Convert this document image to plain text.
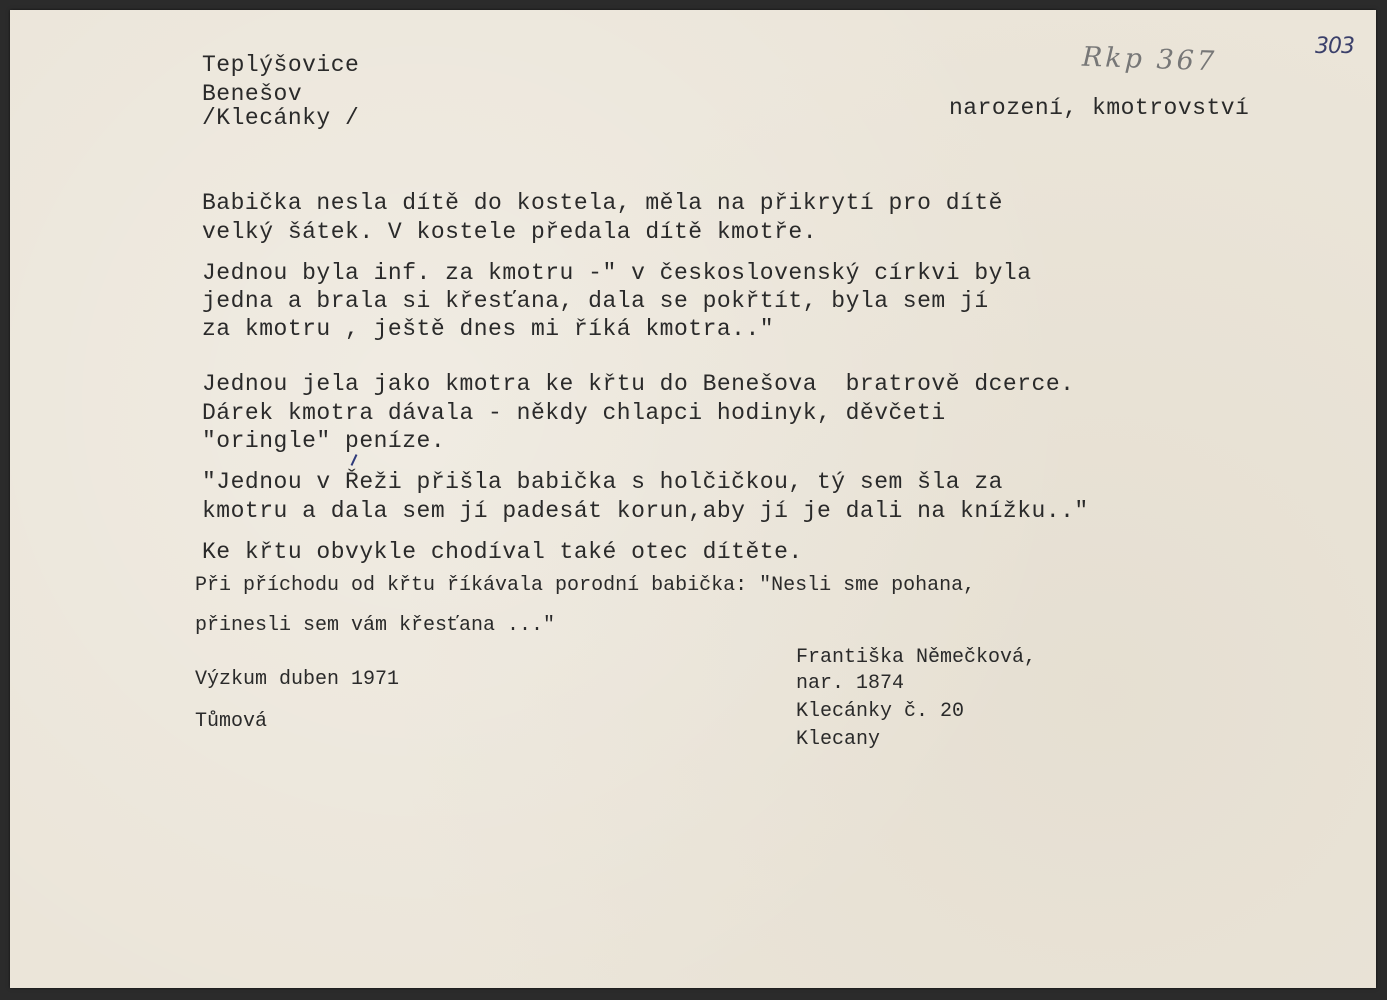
Rkp 367	303
Teplýšovice
Benešov
/Klecánky /	narození, kmotrovství
Babička nesla dítě do kostela, měla na přikrytí pro dítě
velký šátek. V kostele předala dítě kmotře.
Jednou byla inf. za kmotru -" v československý církvi byla
jedna a brala si křesťana, dala se pokřtít, byla sem jí
za kmotru , ještě dnes mi říká kmotra.."
Jednou jela jako kmotra ke křtu do Benešova  bratrově dcerce.
Dárek kmotra dávala - někdy chlapci hodinyk, děvčeti
"oringle" peníze.
"Jednou v Řeži přišla babička s holčičkou, tý sem šla za
kmotru a dala sem jí padesát korun,aby jí je dali na knížku.."
Ke křtu obvykle chodíval také otec dítěte.
Při příchodu od křtu říkávala porodní babička: "Nesli sme pohana,
přinesli sem vám křesťana ..."
Výzkum duben 1971
Tůmová
Františka Němečková,
nar. 1874
Klecánky č. 20
Klecany
